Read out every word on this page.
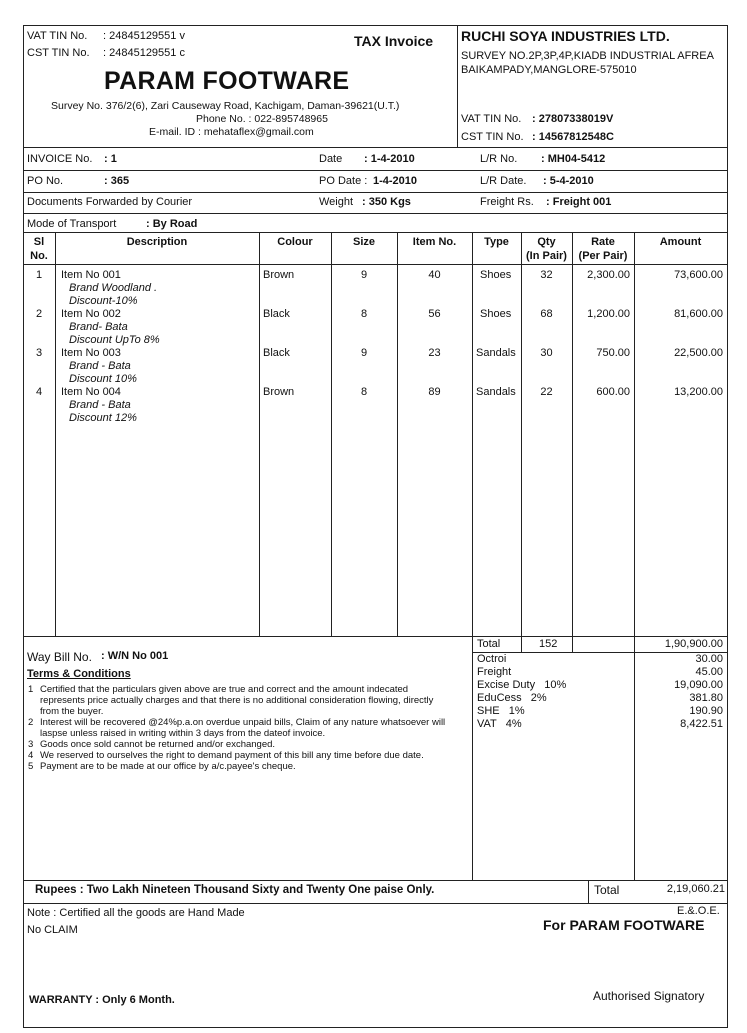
VAT TIN No. : 24845129551 v
CST TIN No. : 24845129551 c
TAX Invoice
PARAM FOOTWARE
Survey No. 376/2(6), Zari Causeway Road, Kachigam, Daman-39621(U.T.)
Phone No. : 022-895748965
E-mail. ID : mehataflex@gmail.com
RUCHI SOYA INDUSTRIES LTD.
SURVEY NO.2P,3P,4P,KIADB INDUSTRIAL AFREA
BAIKAMPADY,MANGLORE-575010
VAT TIN No. : 27807338019V
CST TIN No. : 14567812548C
INVOICE No. : 1	Date : 1-4-2010	L/R No. : MH04-5412
PO No.	: 365	PO Date : 1-4-2010	L/R Date. : 5-4-2010
Documents Forwarded by Courier	Weight : 350 Kgs	Freight Rs. : Freight 001
Mode of Transport	: By Road
Sl
No.
Description	Colour	Size	Item No.	Type	Qty
(In Pair)
Rate
(Per Pair)
Amount
1	Item No 001
Brand Woodland .
Discount-10%
Brown	9	40	Shoes	32	2,300.00	73,600.00
2	Item No 002
Brand- Bata
Discount UpTo 8%
Black	8	56	Shoes	68	1,200.00	81,600.00
3	Item No 003
Brand - Bata
Discount 10%
Black	9	23	Sandals	30	750.00	22,500.00
4	Item No 004
Brand - Bata
Discount 12%
Brown	8	89	Sandals	22	600.00	13,200.00
Total	152	1,90,900.00
Octroi	30.00
Freight	45.00
Excise Duty   10%	19,090.00
EduCess   2%	381.80
SHE   1%	190.90
VAT   4%	8,422.51
Way Bill No. : W/N No 001
Terms & Conditions
1 Certified that the particulars given above are true and correct and the amount indecated
represents price actually charges and that there is no additional consideration flowing, directly
from the buyer.
2 Interest will be recovered @24%p.a.on overdue unpaid bills, Claim of any nature whatsoever will
laspse unless raised in writing within 3 days from the dateof invoice.
3 Goods once sold cannot be returned and/or exchanged.
4 We reserved to ourselves the right to demand payment of this bill any time before due date.
5 Payment are to be made at our office by a/c.payee's cheque.
Rupees : Two Lakh Nineteen Thousand Sixty and Twenty One paise Only.	Total	2,19,060.21
Note : Certified all the goods are Hand Made
No CLAIM
E.&.O.E.
For PARAM FOOTWARE
WARRANTY : Only 6 Month.	Authorised Signatory
